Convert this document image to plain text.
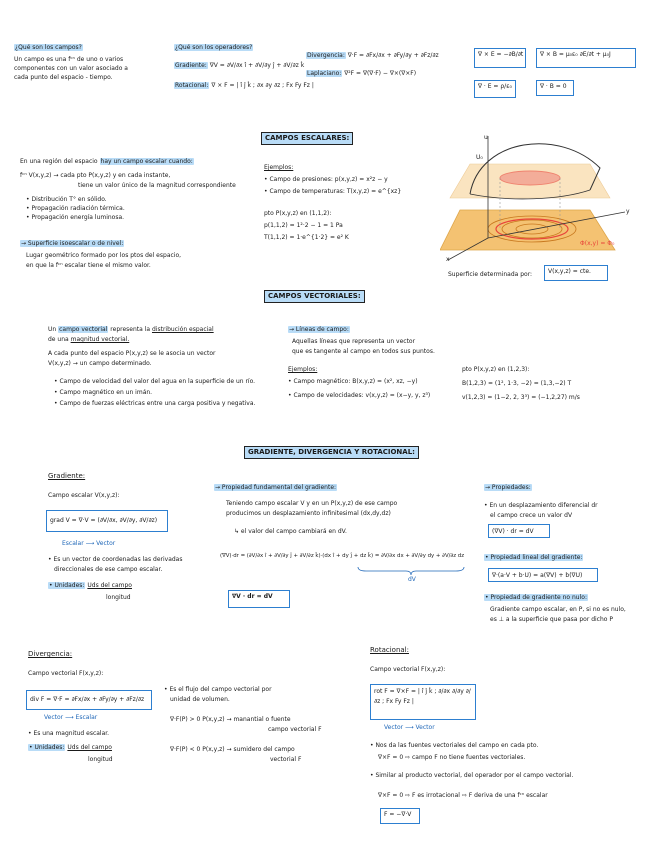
¿Qué son los campos?
Un campo es una fᶜⁿ de uno o varios
componentes con un valor asociado a
cada punto del espacio - tiempo.
¿Qué son los operadores?
Gradiente: ∇V = ∂V/∂x î + ∂V/∂y ĵ + ∂V/∂z k̂
Rotacional: ∇ × F = | î ĵ k̂ ; ∂x ∂y ∂z ; Fx Fy Fz |
Divergencia: ∇·F = ∂Fx/∂x + ∂Fy/∂y + ∂Fz/∂z
Laplaciano: ∇²F = ∇(∇·F) − ∇×(∇×F)
∇ × E = −∂B/∂t	∇ × B = μ₀ε₀ ∂E/∂t + μ₀J
∇ · E = ρ/ε₀	∇ · B = 0
CAMPOS ESCALARES:
En una región del espacio hay un campo escalar cuando:
fᶜⁿ V(x,y,z) → cada pto P(x,y,z) y en cada instante,
tiene un valor único de la magnitud correspondiente
• Distribución T° en sólido.
• Propagación radiación térmica.
• Propagación energía luminosa.
→ Superficie isoescalar o de nivel:
Lugar geométrico formado por los ptos del espacio,
en que la fᶜⁿ escalar tiene el mismo valor.
Ejemplos:
• Campo de presiones: p(x,y,z) = x²z − y
• Campo de temperaturas: T(x,y,z) = e^{xz}
pto P(x,y,z) en (1,1,2):
p(1,1,2) = 1²·2 − 1 = 1 Pa
T(1,1,2) = 1·e^{1·2} = e² K
u
y
x
U₀
Φ(x,y) = Φ₀
Superficie determinada por:	V(x,y,z) = cte.
CAMPOS VECTORIALES:
Un campo vectorial representa la distribución espacial
de una magnitud vectorial.
A cada punto del espacio P(x,y,z) se le asocia un vector
V(x,y,z) → un campo determinado.
• Campo de velocidad del valor del agua en la superficie de un río.
• Campo magnético en un imán.
• Campo de fuerzas eléctricas entre una carga positiva y negativa.
→ Líneas de campo:
Aquellas líneas que representa un vector
que es tangente al campo en todos sus puntos.
Ejemplos:
• Campo magnético: B(x,y,z) = (x², xz, −y)
• Campo de velocidades: v(x,y,z) = (x−y, y, z³)
pto P(x,y,z) en (1,2,3):
B(1,2,3) = (1², 1·3, −2) = (1,3,−2) T
v(1,2,3) = (1−2, 2, 3³) = (−1,2,27) m/s
GRADIENTE, DIVERGENCIA Y ROTACIONAL:
Gradiente:
Campo escalar V(x,y,z):
grad V = ∇·V = (∂V/∂x, ∂V/∂y, ∂V/∂z)
Escalar ⟶ Vector
• Es un vector de coordenadas las derivadas
direccionales de ese campo escalar.
• Unidades: Uds del campo
longitud
→ Propiedad fundamental del gradiente:
Teniendo campo escalar V y en un P(x,y,z) de ese campo
producimos un desplazamiento infinitesimal (dx,dy,dz)
↳ el valor del campo cambiará en dV.
(∇V)·dr = (∂V/∂x î + ∂V/∂y ĵ + ∂V/∂z k̂)·(dx î + dy ĵ + dz k̂) = ∂V/∂x dx + ∂V/∂y dy + ∂V/∂z dz
dV
∇V · dr = dV
→ Propiedades:
• En un desplazamiento diferencial dr
el campo crece un valor dV
(∇V) · dr = dV
• Propiedad lineal del gradiente:
∇·(a·V + b·U) = a(∇V) + b(∇U)
• Propiedad de gradiente no nulo:
Gradiente campo escalar, en P, si no es nulo,
es ⊥ a la superficie que pasa por dicho P
Divergencia:
Campo vectorial F(x,y,z):
div F = ∇·F = ∂Fx/∂x + ∂Fy/∂y + ∂Fz/∂z
Vector ⟶ Escalar
• Es una magnitud escalar.
• Unidades: Uds del campo
longitud
• Es el flujo del campo vectorial por
unidad de volumen.
∇·F(P) > 0 P(x,y,z) → manantial o fuente
campo vectorial F
∇·F(P) < 0 P(x,y,z) → sumidero del campo
vectorial F
Rotacional:
Campo vectorial F(x,y,z):
rot F = ∇×F = | î ĵ k̂ ; ∂/∂x ∂/∂y ∂/∂z ; Fx Fy Fz |
Vector ⟶ Vector
• Nos da las fuentes vectoriales del campo en cada pto.
∇×F = 0 ⇨ campo F no tiene fuentes vectoriales.
• Similar al producto vectorial, del operador por el campo vectorial.
∇×F = 0 ⇨ F es irrotacional ⇨ F deriva de una fᶜⁿ escalar
F = −∇·V
